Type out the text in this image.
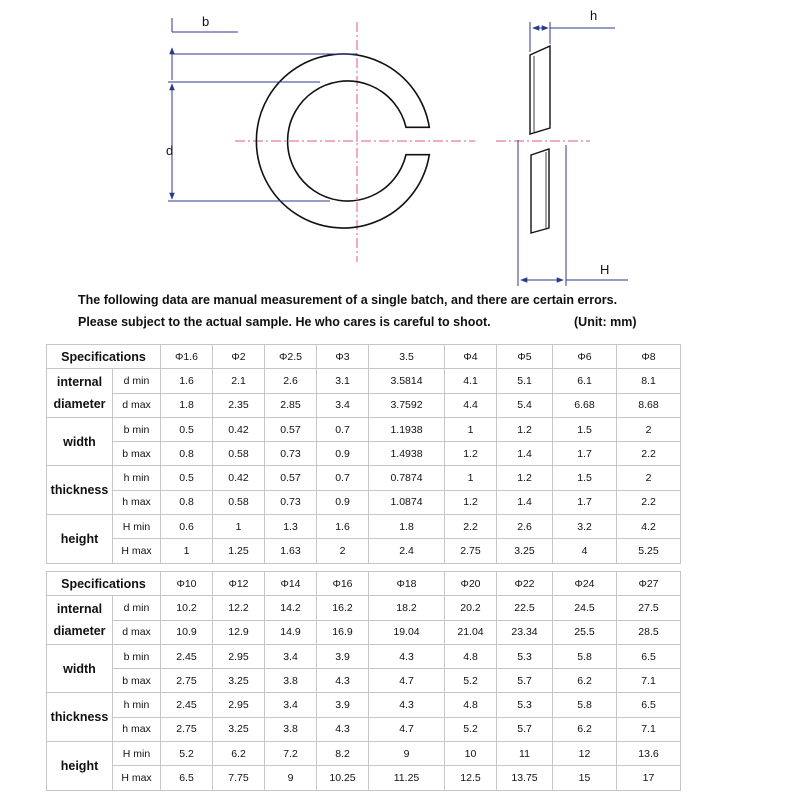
b
d
h
H
The following data are manual measurement of a single batch, and there are certain errors.
Please subject to the actual sample. He who cares is careful to shoot.	(Unit: mm)
Specifications		Φ1.6	Φ2	Φ2.5	Φ3	3.5	Φ4	Φ5	Φ6	Φ8
internal diameter	d min	1.6	2.1	2.6	3.1	3.5814	4.1	5.1	6.1	8.1
	d max	1.8	2.35	2.85	3.4	3.7592	4.4	5.4	6.68	8.68
width	b min	0.5	0.42	0.57	0.7	1.1938	1	1.2	1.5	2
	b max	0.8	0.58	0.73	0.9	1.4938	1.2	1.4	1.7	2.2
thickness	h min	0.5	0.42	0.57	0.7	0.7874	1	1.2	1.5	2
	h max	0.8	0.58	0.73	0.9	1.0874	1.2	1.4	1.7	2.2
height	H min	0.6	1	1.3	1.6	1.8	2.2	2.6	3.2	4.2
	H max	1	1.25	1.63	2	2.4	2.75	3.25	4	5.25
Specifications		Φ10	Φ12	Φ14	Φ16	Φ18	Φ20	Φ22	Φ24	Φ27
internal diameter	d min	10.2	12.2	14.2	16.2	18.2	20.2	22.5	24.5	27.5
	d max	10.9	12.9	14.9	16.9	19.04	21.04	23.34	25.5	28.5
width	b min	2.45	2.95	3.4	3.9	4.3	4.8	5.3	5.8	6.5
	b max	2.75	3.25	3.8	4.3	4.7	5.2	5.7	6.2	7.1
thickness	h min	2.45	2.95	3.4	3.9	4.3	4.8	5.3	5.8	6.5
	h max	2.75	3.25	3.8	4.3	4.7	5.2	5.7	6.2	7.1
height	H min	5.2	6.2	7.2	8.2	9	10	11	12	13.6
	H max	6.5	7.75	9	10.25	11.25	12.5	13.75	15	17
